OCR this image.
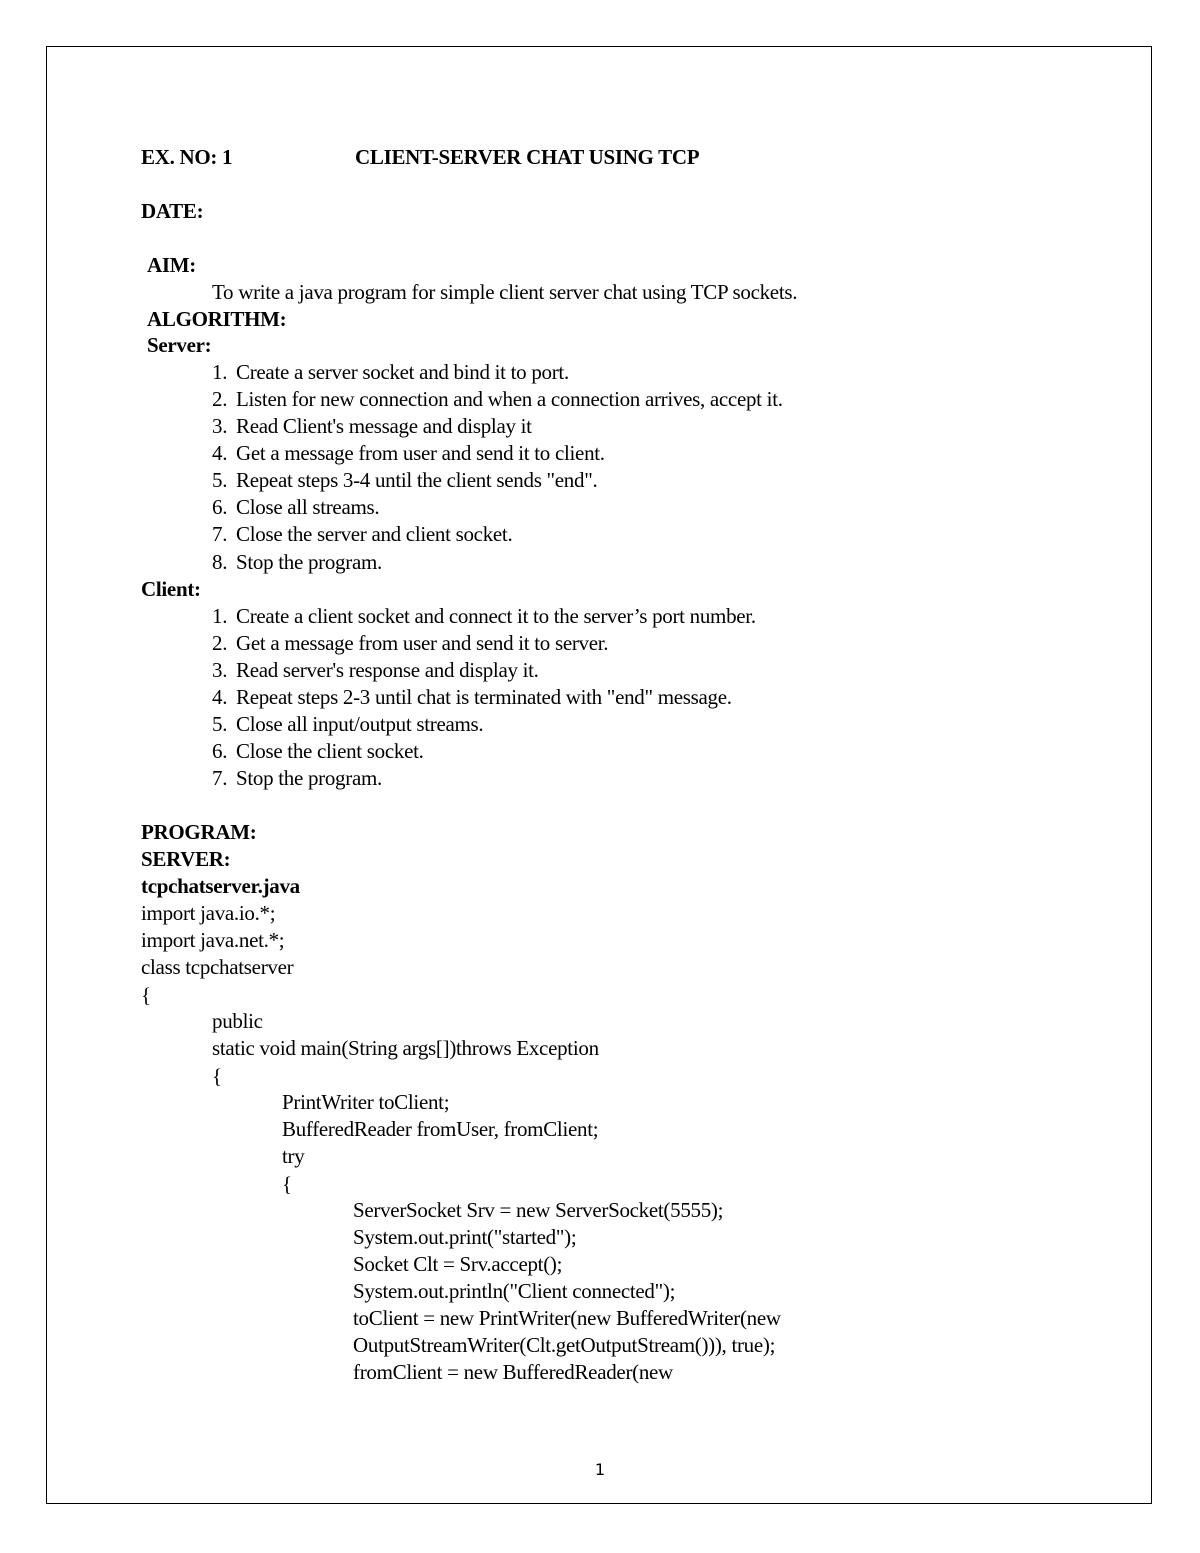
EX. NO: 1	CLIENT-SERVER CHAT USING TCP
DATE:
AIM:
To write a java program for simple client server chat using TCP sockets.
ALGORITHM:
Server:
1. Create a server socket and bind it to port.
2. Listen for new connection and when a connection arrives, accept it.
3. Read Client's message and display it
4. Get a message from user and send it to client.
5. Repeat steps 3-4 until the client sends "end".
6. Close all streams.
7. Close the server and client socket.
8. Stop the program.
Client:
1. Create a client socket and connect it to the server’s port number.
2. Get a message from user and send it to server.
3. Read server's response and display it.
4. Repeat steps 2-3 until chat is terminated with "end" message.
5. Close all input/output streams.
6. Close the client socket.
7. Stop the program.
PROGRAM:
SERVER:
tcpchatserver.java
import java.io.*;
import java.net.*;
class tcpchatserver
{
public
static void main(String args[])throws Exception
{
PrintWriter toClient;
BufferedReader fromUser, fromClient;
try
{
ServerSocket Srv = new ServerSocket(5555);
System.out.print("started");
Socket Clt = Srv.accept();
System.out.println("Client connected");
toClient = new PrintWriter(new BufferedWriter(new
OutputStreamWriter(Clt.getOutputStream())), true);
fromClient = new BufferedReader(new
1
